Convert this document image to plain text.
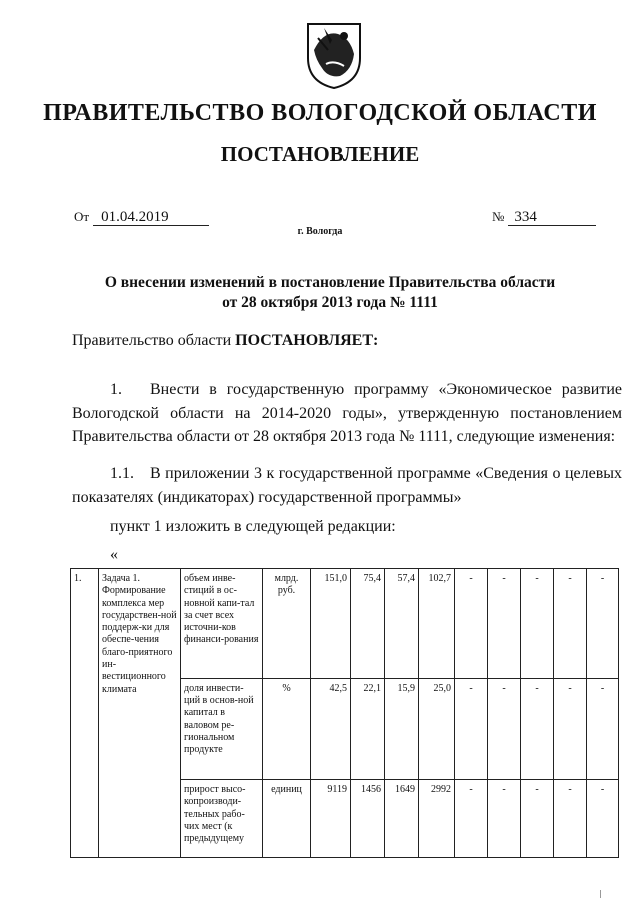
ПРАВИТЕЛЬСТВО ВОЛОГОДСКОЙ ОБЛАСТИ
ПОСТАНОВЛЕНИЕ
От 01.04.2019	№ 334
г. Вологда
О внесении изменений в постановление Правительства области
от 28 октября 2013 года № 1111
Правительство области ПОСТАНОВЛЯЕТ:
1. Внести в государственную программу «Экономическое развитие Вологодской области на 2014-2020 годы», утвержденную постановлением Правительства области от 28 октября 2013 года № 1111, следующие изменения:
1.1. В приложении 3 к государственной программе «Сведения о целевых показателях (индикаторах) государственной программы»
пункт 1 изложить в следующей редакции:
«
1.	Задача 1. Формирование комплекса мер государствен-ной поддерж-ки для обеспе-чения благо-приятного ин-вестиционного климата	объем инве-стиций в ос-новной капи-тал за счет всех источни-ков финанси-рования	млрд. руб.	151,0	75,4	57,4	102,7	-	-	-	-	-
		доля инвести-ций в основ-ной капитал в валовом ре-гиональном продукте	%	42,5	22,1	15,9	25,0	-	-	-	-	-
		прирост высо-копроизводи-тельных рабо-чих мест (к предыдущему	единиц	9119	1456	1649	2992	-	-	-	-	-
